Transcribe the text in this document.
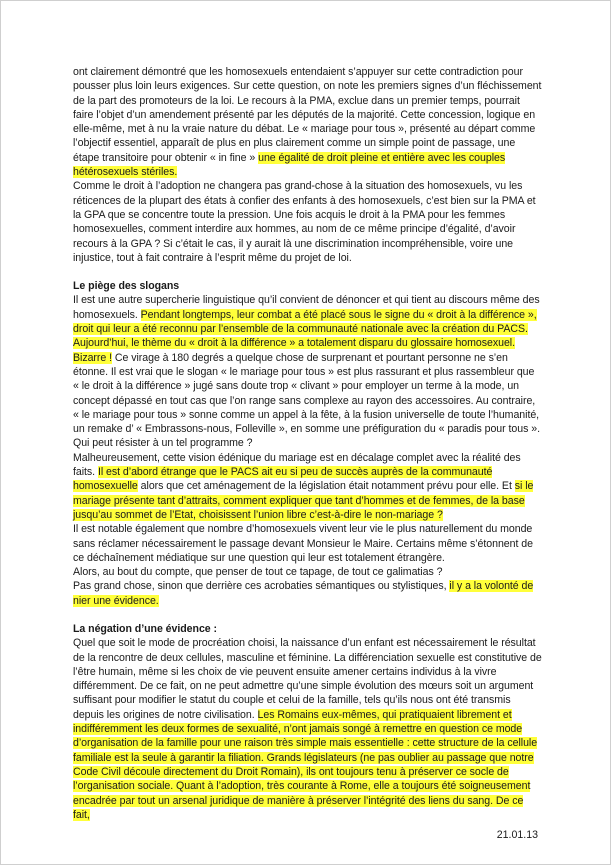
ont clairement démontré que les homosexuels entendaient s’appuyer sur cette contradiction pour pousser plus loin leurs exigences. Sur cette question, on note les premiers signes d’un fléchissement de la part des promoteurs de la loi. Le recours à la PMA, exclue dans un premier temps, pourrait faire l’objet d’un amendement présenté par les députés de la majorité. Cette concession, logique en elle-même, met à nu la vraie nature du débat. Le « mariage pour tous », présenté au départ comme l’objectif essentiel, apparaît de plus en plus clairement comme un simple point de passage, une étape transitoire pour obtenir « in fine » une égalité de droit pleine et entière avec les couples hétérosexuels stériles.

Comme le droit à l’adoption ne changera pas grand-chose à la situation des homosexuels, vu les réticences de la plupart des états à confier des enfants à des homosexuels, c’est bien sur la PMA et la GPA que se concentre toute la pression. Une fois acquis le droit à la PMA pour les femmes homosexuelles, comment interdire aux hommes, au nom de ce même principe d’égalité, d’avoir recours à la GPA ? Si c’était le cas, il y aurait là une discrimination incompréhensible, voire une injustice, tout à fait contraire à l’esprit même du projet de loi.

Le piège des slogans

Il est une autre supercherie linguistique qu’il convient de dénoncer et qui tient au discours même des homosexuels. Pendant longtemps, leur combat a été placé sous le signe du « droit à la différence », droit qui leur a été reconnu par l’ensemble de la communauté nationale avec la création du PACS. Aujourd’hui, le thème du « droit à la différence » a totalement disparu du glossaire homosexuel. Bizarre ! Ce virage à 180 degrés a quelque chose de surprenant et pourtant personne ne s’en étonne. Il est vrai que le slogan « le mariage pour tous » est plus rassurant et plus rassembleur que « le droit à la différence » jugé sans doute trop « clivant » pour employer un terme à la mode, un concept dépassé en tout cas que l’on range sans complexe au rayon des accessoires. Au contraire, « le mariage pour tous » sonne comme un appel à la fête, à la fusion universelle de toute l’humanité, un remake d’ « Embrassons-nous, Folleville », en somme une préfiguration du « paradis pour tous ». Qui peut résister à un tel programme ?

Malheureusement, cette vision édénique du mariage est en décalage complet avec la réalité des faits. Il est d’abord étrange que le PACS ait eu si peu de succès auprès de la communauté homosexuelle alors que cet aménagement de la législation était notamment prévu pour elle. Et si le mariage présente tant d’attraits, comment expliquer que tant d’hommes et de femmes, de la base jusqu’au sommet de l’Etat, choisissent l’union libre c’est-à-dire le non-mariage ?

Il est notable également que nombre d’homosexuels vivent leur vie le plus naturellement du monde sans réclamer nécessairement le passage devant Monsieur le Maire. Certains même s’étonnent de ce déchaînement médiatique sur une question qui leur est totalement étrangère.

Alors, au bout du compte, que penser de tout ce tapage, de tout ce galimatias ?

Pas grand chose, sinon que derrière ces acrobaties sémantiques ou stylistiques, il y a la volonté de nier une évidence.

La négation d’une évidence :

Quel que soit le mode de procréation choisi, la naissance d’un enfant est nécessairement le résultat de la rencontre de deux cellules, masculine et féminine. La différenciation sexuelle est constitutive de l’être humain, même si les choix de vie peuvent ensuite amener certains individus à la vivre différemment. De ce fait, on ne peut admettre qu’une simple évolution des mœurs soit un argument suffisant pour modifier le statut du couple et celui de la famille, tels qu’ils nous ont été transmis depuis les origines de notre civilisation. Les Romains eux-mêmes, qui pratiquaient librement et indifféremment les deux formes de sexualité, n’ont jamais songé à remettre en question ce mode d’organisation de la famille pour une raison très simple mais essentielle : cette structure de la cellule familiale est la seule à garantir la filiation. Grands législateurs (ne pas oublier au passage que notre Code Civil découle directement du Droit Romain), ils ont toujours tenu à préserver ce socle de l’organisation sociale. Quant à l’adoption, très courante à Rome, elle a toujours été soigneusement encadrée par tout un arsenal juridique de manière à préserver l’intégrité des liens du sang. De ce fait,

21.01.13
